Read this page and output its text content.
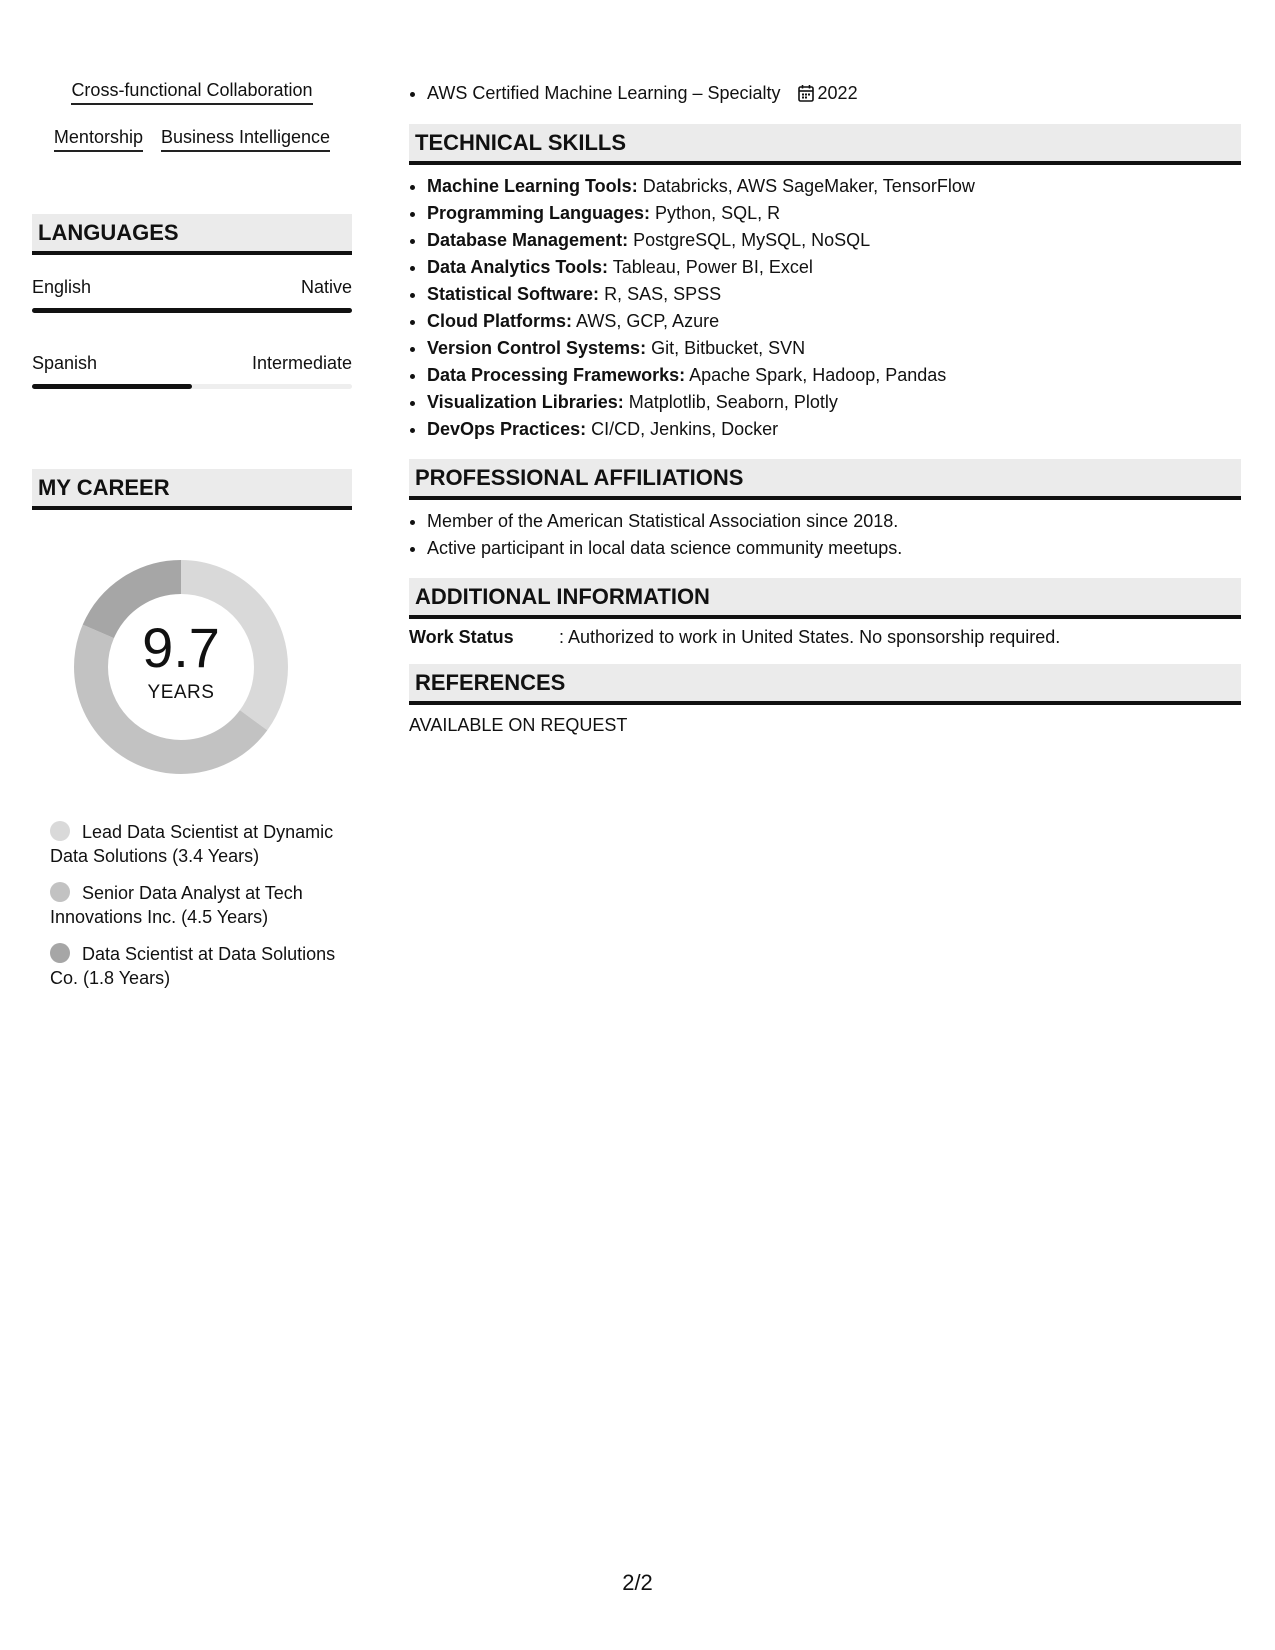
Cross-functional Collaboration
Mentorship Business Intelligence
LANGUAGES
English	Native
Spanish	Intermediate
MY CAREER
9.7
YEARS
Lead Data Scientist at Dynamic Data Solutions (3.4 Years)
Senior Data Analyst at Tech Innovations Inc. (4.5 Years)
Data Scientist at Data Solutions Co. (1.8 Years)
• AWS Certified Machine Learning – Specialty 2022
TECHNICAL SKILLS
• Machine Learning Tools: Databricks, AWS SageMaker, TensorFlow
• Programming Languages: Python, SQL, R
• Database Management: PostgreSQL, MySQL, NoSQL
• Data Analytics Tools: Tableau, Power BI, Excel
• Statistical Software: R, SAS, SPSS
• Cloud Platforms: AWS, GCP, Azure
• Version Control Systems: Git, Bitbucket, SVN
• Data Processing Frameworks: Apache Spark, Hadoop, Pandas
• Visualization Libraries: Matplotlib, Seaborn, Plotly
• DevOps Practices: CI/CD, Jenkins, Docker
PROFESSIONAL AFFILIATIONS
• Member of the American Statistical Association since 2018.
• Active participant in local data science community meetups.
ADDITIONAL INFORMATION
Work Status	: Authorized to work in United States. No sponsorship required.
REFERENCES
AVAILABLE ON REQUEST
2/2
